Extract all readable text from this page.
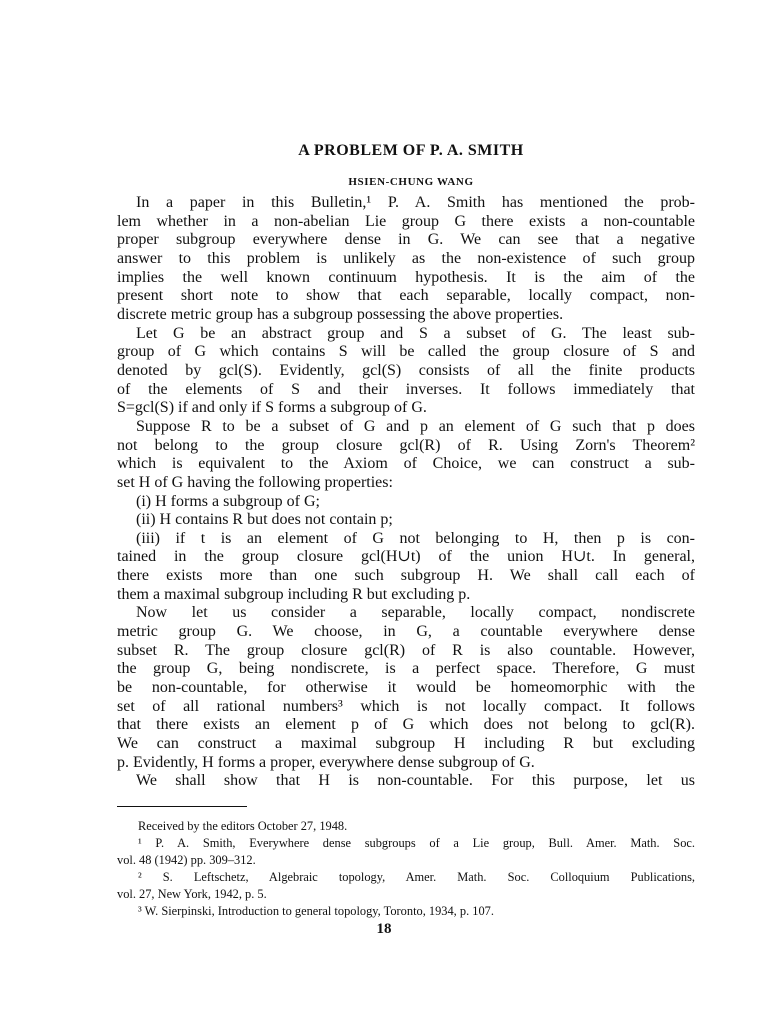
A PROBLEM OF P. A. SMITH
HSIEN-CHUNG WANG
In a paper in this Bulletin,¹ P. A. Smith has mentioned the prob-
lem whether in a non-abelian Lie group G there exists a non-countable
proper subgroup everywhere dense in G. We can see that a negative
answer to this problem is unlikely as the non-existence of such group
implies the well known continuum hypothesis. It is the aim of the
present short note to show that each separable, locally compact, non-
discrete metric group has a subgroup possessing the above properties.
Let G be an abstract group and S a subset of G. The least sub-
group of G which contains S will be called the group closure of S and
denoted by gcl(S). Evidently, gcl(S) consists of all the finite products
of the elements of S and their inverses. It follows immediately that
S=gcl(S) if and only if S forms a subgroup of G.
Suppose R to be a subset of G and p an element of G such that p does
not belong to the group closure gcl(R) of R. Using Zorn's Theorem²
which is equivalent to the Axiom of Choice, we can construct a sub-
set H of G having the following properties:
(i) H forms a subgroup of G;
(ii) H contains R but does not contain p;
(iii) if t is an element of G not belonging to H, then p is con-
tained in the group closure gcl(H∪t) of the union H∪t. In general,
there exists more than one such subgroup H. We shall call each of
them a maximal subgroup including R but excluding p.
Now let us consider a separable, locally compact, nondiscrete
metric group G. We choose, in G, a countable everywhere dense
subset R. The group closure gcl(R) of R is also countable. However,
the group G, being nondiscrete, is a perfect space. Therefore, G must
be non-countable, for otherwise it would be homeomorphic with the
set of all rational numbers³ which is not locally compact. It follows
that there exists an element p of G which does not belong to gcl(R).
We can construct a maximal subgroup H including R but excluding
p. Evidently, H forms a proper, everywhere dense subgroup of G.
We shall show that H is non-countable. For this purpose, let us
Received by the editors October 27, 1948.
¹ P. A. Smith, Everywhere dense subgroups of a Lie group, Bull. Amer. Math. Soc.
vol. 48 (1942) pp. 309–312.
² S. Leftschetz, Algebraic topology, Amer. Math. Soc. Colloquium Publications,
vol. 27, New York, 1942, p. 5.
³ W. Sierpinski, Introduction to general topology, Toronto, 1934, p. 107.
18
